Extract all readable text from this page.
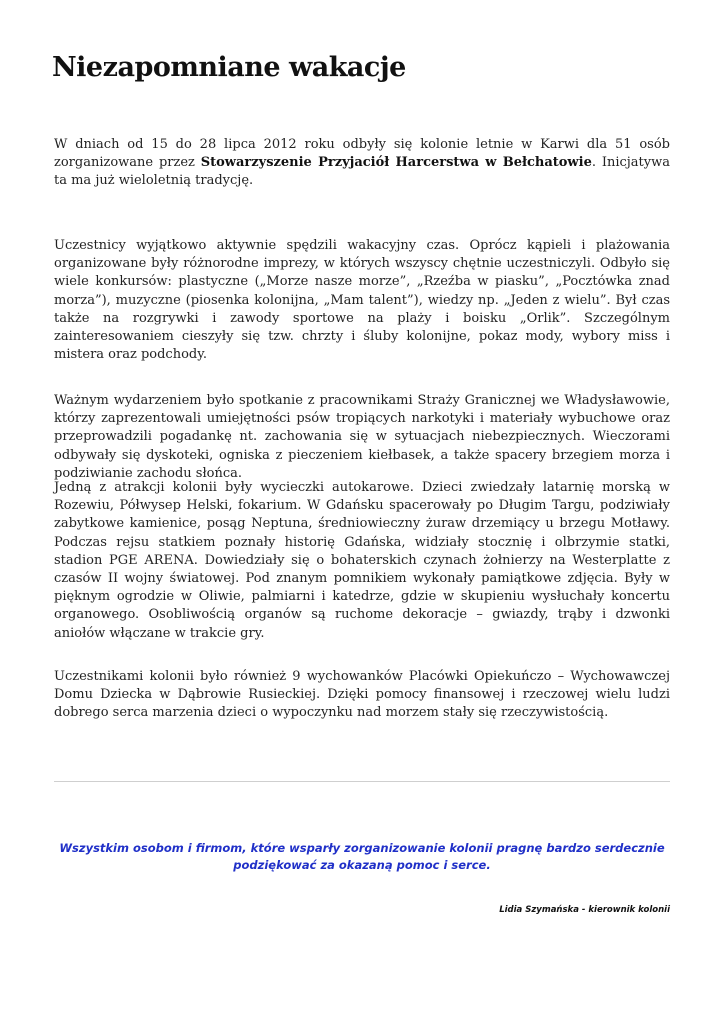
Niezapomniane wakacje

W dniach od 15 do 28 lipca 2012 roku odbyły się kolonie letnie w Karwi dla 51 osób zorganizowane przez Stowarzyszenie Przyjaciół Harcerstwa w Bełchatowie. Inicjatywa ta ma już wieloletnią tradycję.

Uczestnicy wyjątkowo aktywnie spędzili wakacyjny czas. Oprócz kąpieli i plażowania organizowane były różnorodne imprezy, w których wszyscy chętnie uczestniczyli. Odbyło się wiele konkursów: plastyczne („Morze nasze morze”, „Rzeźba w piasku”, „Pocztówka znad morza”), muzyczne (piosenka kolonijna, „Mam talent”), wiedzy np. „Jeden z wielu”. Był czas także na rozgrywki i zawody sportowe na plaży i boisku „Orlik”. Szczególnym zainteresowaniem cieszyły się tzw. chrzty i śluby kolonijne, pokaz mody, wybory miss i mistera oraz podchody.

Ważnym wydarzeniem było spotkanie z pracownikami Straży Granicznej we Władysławowie, którzy zaprezentowali umiejętności psów tropiących narkotyki i materiały wybuchowe oraz przeprowadzili pogadankę nt. zachowania się w sytuacjach niebezpiecznych. Wieczorami odbywały się dyskoteki, ogniska z pieczeniem kiełbasek, a także spacery brzegiem morza i podziwianie zachodu słońca.

Jedną z atrakcji kolonii były wycieczki autokarowe. Dzieci zwiedzały latarnię morską w Rozewiu, Półwysep Helski, fokarium. W Gdańsku spacerowały po Długim Targu, podziwiały zabytkowe kamienice, posąg Neptuna, średniowieczny żuraw drzemiący u brzegu Motławy. Podczas rejsu statkiem poznały historię Gdańska, widziały stocznię i olbrzymie statki, stadion PGE ARENA. Dowiedziały się o bohaterskich czynach żołnierzy na Westerplatte z czasów II wojny światowej. Pod znanym pomnikiem wykonały pamiątkowe zdjęcia. Były w pięknym ogrodzie w Oliwie, palmiarni i katedrze, gdzie w skupieniu wysłuchały koncertu organowego. Osobliwością organów są ruchome dekoracje – gwiazdy, trąby i dzwonki aniołów włączane w trakcie gry.

Uczestnikami kolonii było również 9 wychowanków Placówki Opiekuńczo – Wychowawczej Domu Dziecka w Dąbrowie Rusieckiej. Dzięki pomocy finansowej i rzeczowej wielu ludzi dobrego serca marzenia dzieci o wypoczynku nad morzem stały się rzeczywistością.

Wszystkim osobom i firmom, które wsparły zorganizowanie kolonii pragnę bardzo serdecznie podziękować za okazaną pomoc i serce.

Lidia Szymańska - kierownik kolonii
